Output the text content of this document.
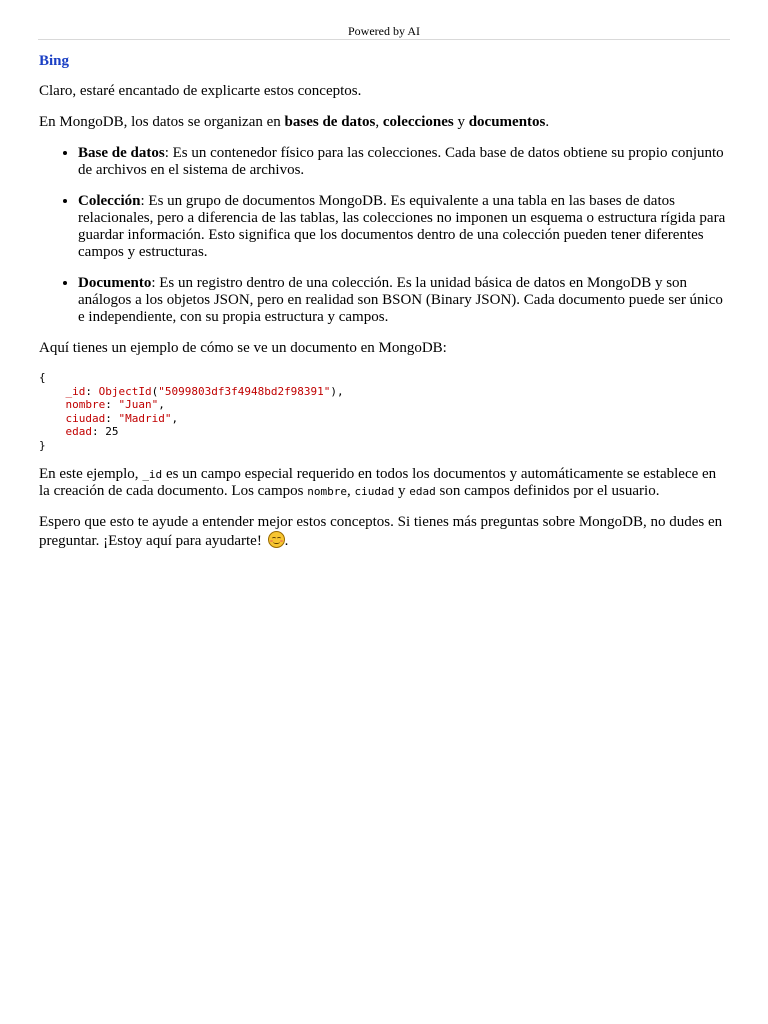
Powered by AI
Bing

Claro, estaré encantado de explicarte estos conceptos.

En MongoDB, los datos se organizan en bases de datos, colecciones y documentos.

• Base de datos: Es un contenedor físico para las colecciones. Cada base de datos obtiene su propio conjunto de archivos en el sistema de archivos.
• Colección: Es un grupo de documentos MongoDB. Es equivalente a una tabla en las bases de datos relacionales, pero a diferencia de las tablas, las colecciones no imponen un esquema o estructura rígida para guardar información. Esto significa que los documentos dentro de una colección pueden tener diferentes campos y estructuras.
• Documento: Es un registro dentro de una colección. Es la unidad básica de datos en MongoDB y son análogos a los objetos JSON, pero en realidad son BSON (Binary JSON). Cada documento puede ser único e independiente, con su propia estructura y campos.

Aquí tienes un ejemplo de cómo se ve un documento en MongoDB:

{
_id: ObjectId("5099803df3f4948bd2f98391"),
nombre: "Juan",
ciudad: "Madrid",
edad: 25
}

En este ejemplo, _id es un campo especial requerido en todos los documentos y automáticamente se establece en la creación de cada documento. Los campos nombre, ciudad y edad son campos definidos por el usuario.

Espero que esto te ayude a entender mejor estos conceptos. Si tienes más preguntas sobre MongoDB, no dudes en preguntar. ¡Estoy aquí para ayudarte!
.
